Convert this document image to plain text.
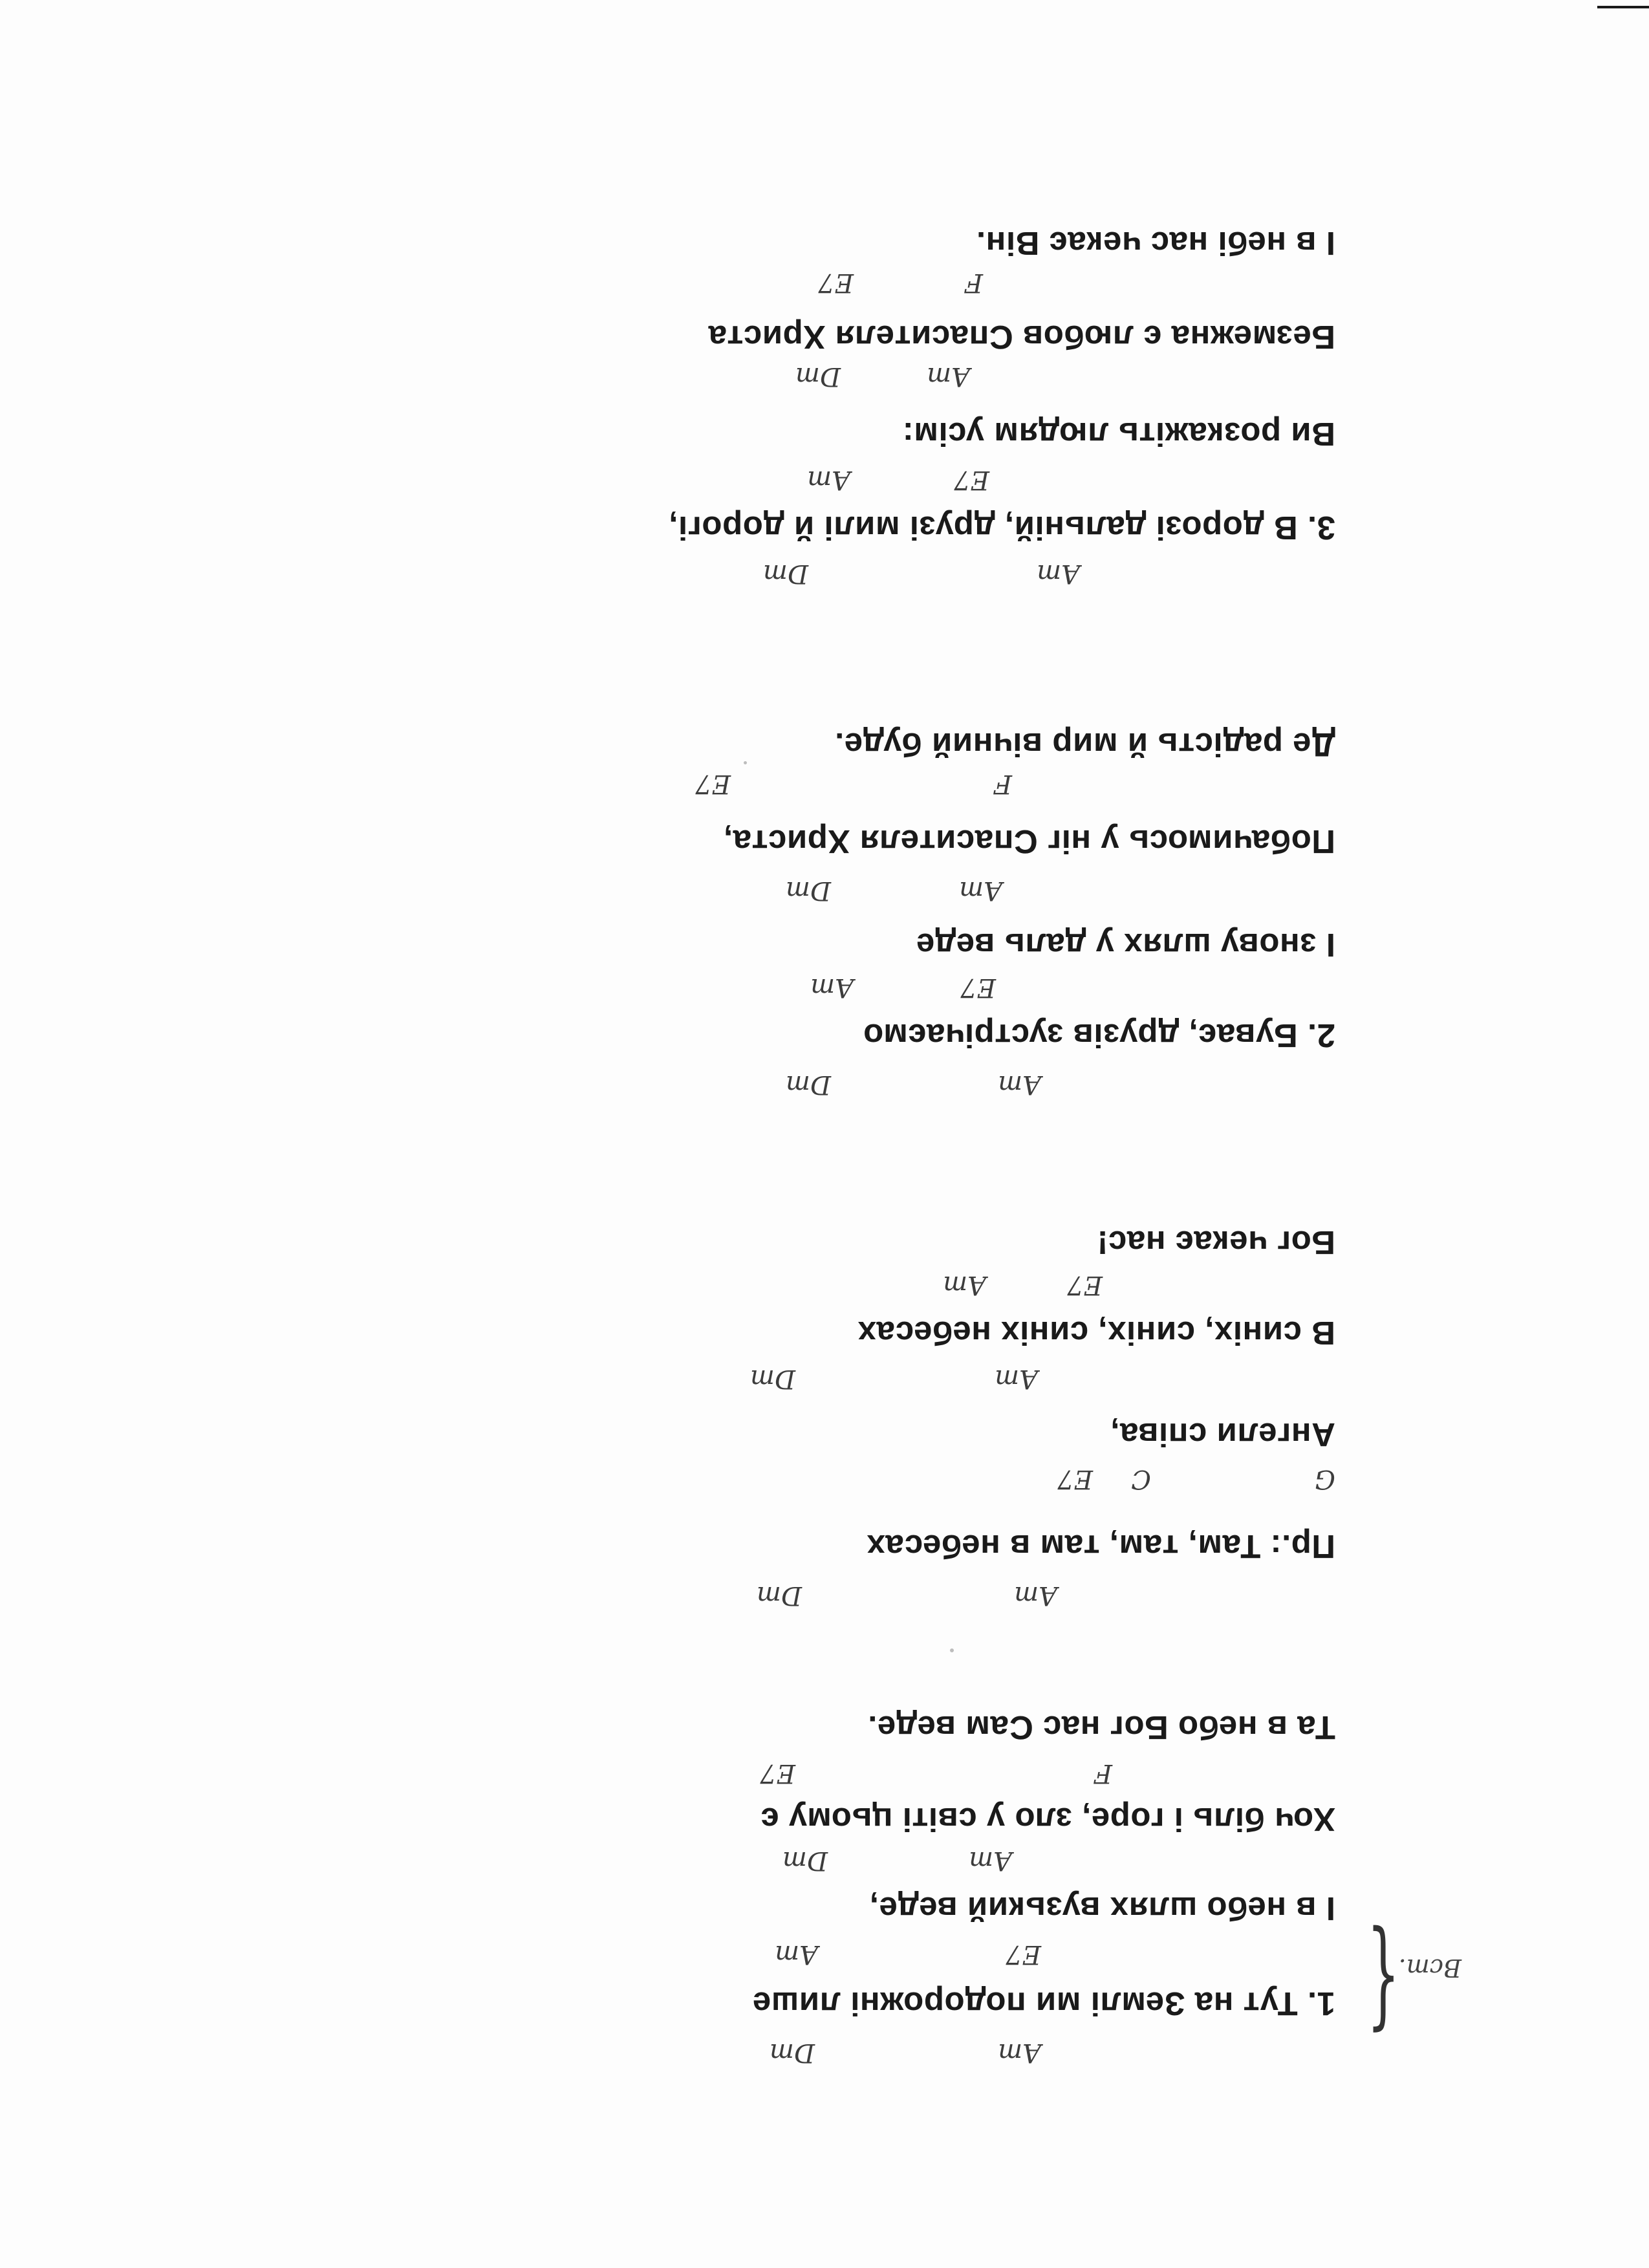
Am
Dm
1. Тут на Землі ми подорожні лише
E7
Am
І в небо шлях вузький веде,
Am
Dm
Хоч біль і горе, зло у світі цьому є
F
E7
Та в небо Бог нас Сам веде.
{
Вст.
Am
Dm
Пр.: Там, там, там в небесах
G
C
E7
Ангели співа,
Am
Dm
В синіх, синіх, синіх небесах
E7
Am
Бог чекає нас!
Am
Dm
2. Буває, друзів зустрічаємо
E7
Am
І знову шлях у даль веде
Am
Dm
Побачимось у ніг Спасителя Христа,
F
E7
Де радість й мир вічний буде.
Am
Dm
3. В дорозі дальній, друзі милі й дорогі,
E7
Am
Ви розкажіть людям усім:
Am
Dm
Безмежна є любов Спасителя Христа
F
E7
І в небі нас чекає Він.
